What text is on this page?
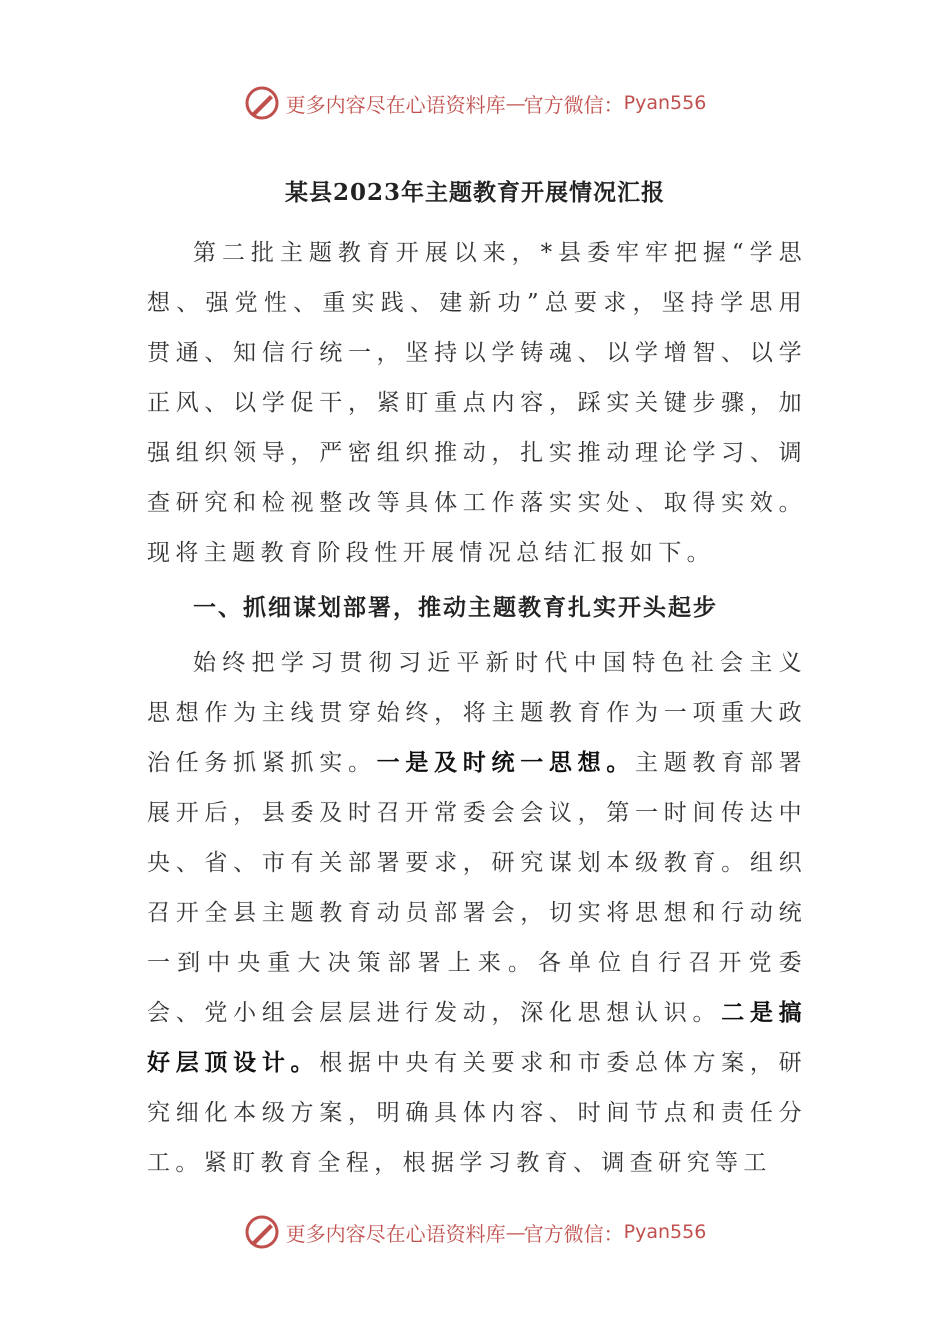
更多内容尽在心语资料库 — 官方微信： Pyan556
某县2023年主题教育开展情况汇报

第二批主题教育开展以来，*县委牢牢把握“学思想、强党性、重实践、建新功”总要求，坚持学思用贯通、知信行统一，坚持以学铸魂、以学增智、以学正风、以学促干，紧盯重点内容，踩实关键步骤，加强组织领导，严密组织推动，扎实推动理论学习、调查研究和检视整改等具体工作落实实处、取得实效。现将主题教育阶段性开展情况总结汇报如下。

一、抓细谋划部署，推动主题教育扎实开头起步

始终把学习贯彻习近平新时代中国特色社会主义思想作为主线贯穿始终，将主题教育作为一项重大政治任务抓紧抓实。一是及时统一思想。主题教育部署展开后，县委及时召开常委会会议，第一时间传达中央、省、市有关部署要求，研究谋划本级教育。组织召开全县主题教育动员部署会，切实将思想和行动统一到中央重大决策部署上来。各单位自行召开党委会、党小组会层层进行发动，深化思想认识。二是搞好层顶设计。根据中央有关要求和市委总体方案，研究细化本级方案，明确具体内容、时间节点和责任分工。紧盯教育全程，根据学习教育、调查研究等工

更多内容尽在心语资料库 — 官方微信： Pyan556
